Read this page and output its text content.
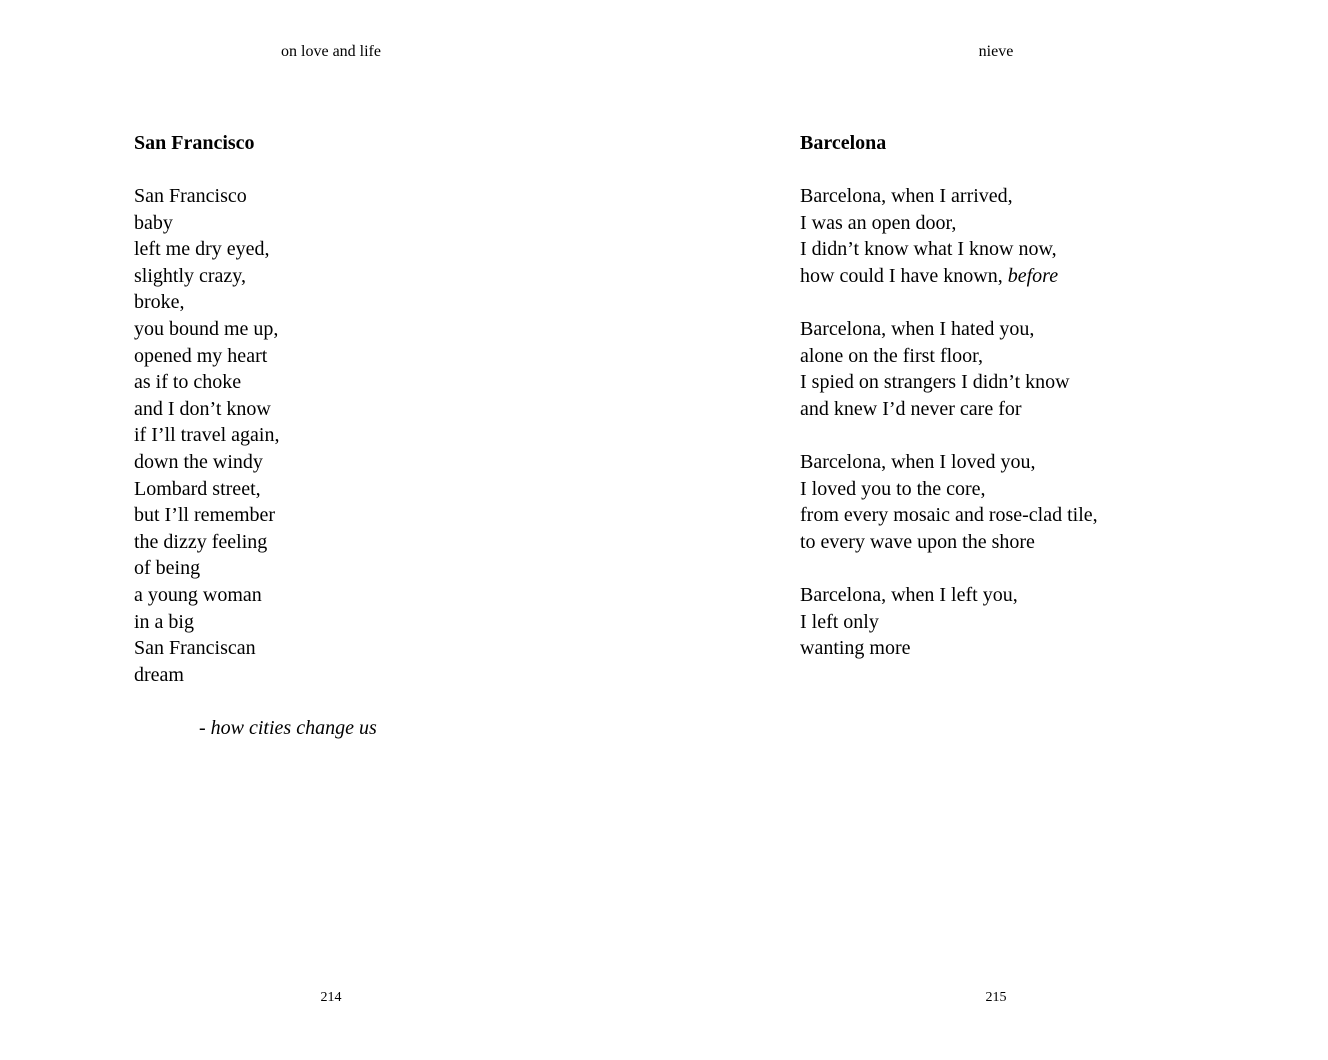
on love and life
San Francisco
San Francisco
baby
left me dry eyed,
slightly crazy,
broke,
you bound me up,
opened my heart
as if to choke
and I don’t know
if I’ll travel again,
down the windy
Lombard street,
but I’ll remember
the dizzy feeling
of being
a young woman
in a big
San Franciscan
dream
- how cities change us
214
nieve
Barcelona
Barcelona, when I arrived,
I was an open door,
I didn’t know what I know now,
how could I have known, before
Barcelona, when I hated you,
alone on the first floor,
I spied on strangers I didn’t know
and knew I’d never care for
Barcelona, when I loved you,
I loved you to the core,
from every mosaic and rose-clad tile,
to every wave upon the shore
Barcelona, when I left you,
I left only
wanting more
215
